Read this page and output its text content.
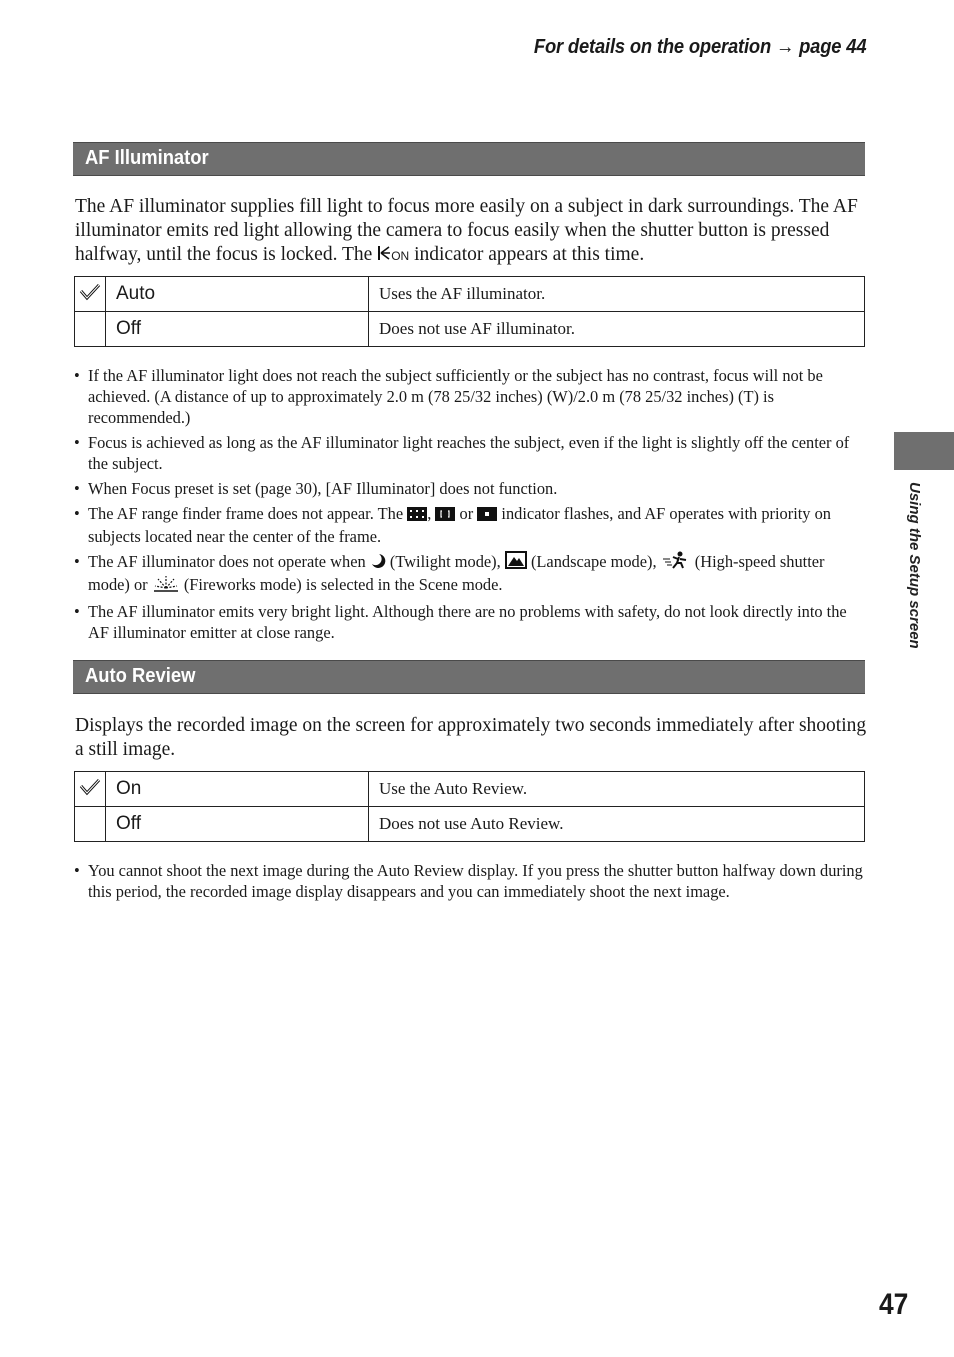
For details on the operation → page 44
AF Illuminator

The AF illuminator supplies fill light to focus more easily on a subject in dark surroundings. The AF illuminator emits red light allowing the camera to focus easily when the shutter button is pressed halfway, until the focus is locked. The ON indicator appears at this time.

	Auto	Uses the AF illuminator.
	Off	Does not use AF illuminator.
• If the AF illuminator light does not reach the subject sufficiently or the subject has no contrast, focus will not be achieved. (A distance of up to approximately 2.0 m (78 25/32 inches) (W)/2.0 m (78 25/32 inches) (T) is recommended.)
• Focus is achieved as long as the AF illuminator light reaches the subject, even if the light is slightly off the center of the subject.
• When Focus preset is set (page 30), [AF Illuminator] does not function.
• The AF range finder frame does not appear. The , or indicator flashes, and AF operates with priority on subjects located near the center of the frame.
• The AF illuminator does not operate when (Twilight mode), (Landscape mode), (High-speed shutter mode) or (Fireworks mode) is selected in the Scene mode.
• The AF illuminator emits very bright light. Although there are no problems with safety, do not look directly into the AF illuminator emitter at close range.
Auto Review

Displays the recorded image on the screen for approximately two seconds immediately after shooting a still image.

	On	Use the Auto Review.
	Off	Does not use Auto Review.
• You cannot shoot the next image during the Auto Review display. If you press the shutter button halfway down during this period, the recorded image display disappears and you can immediately shoot the next image.
Using the Setup screen
47
